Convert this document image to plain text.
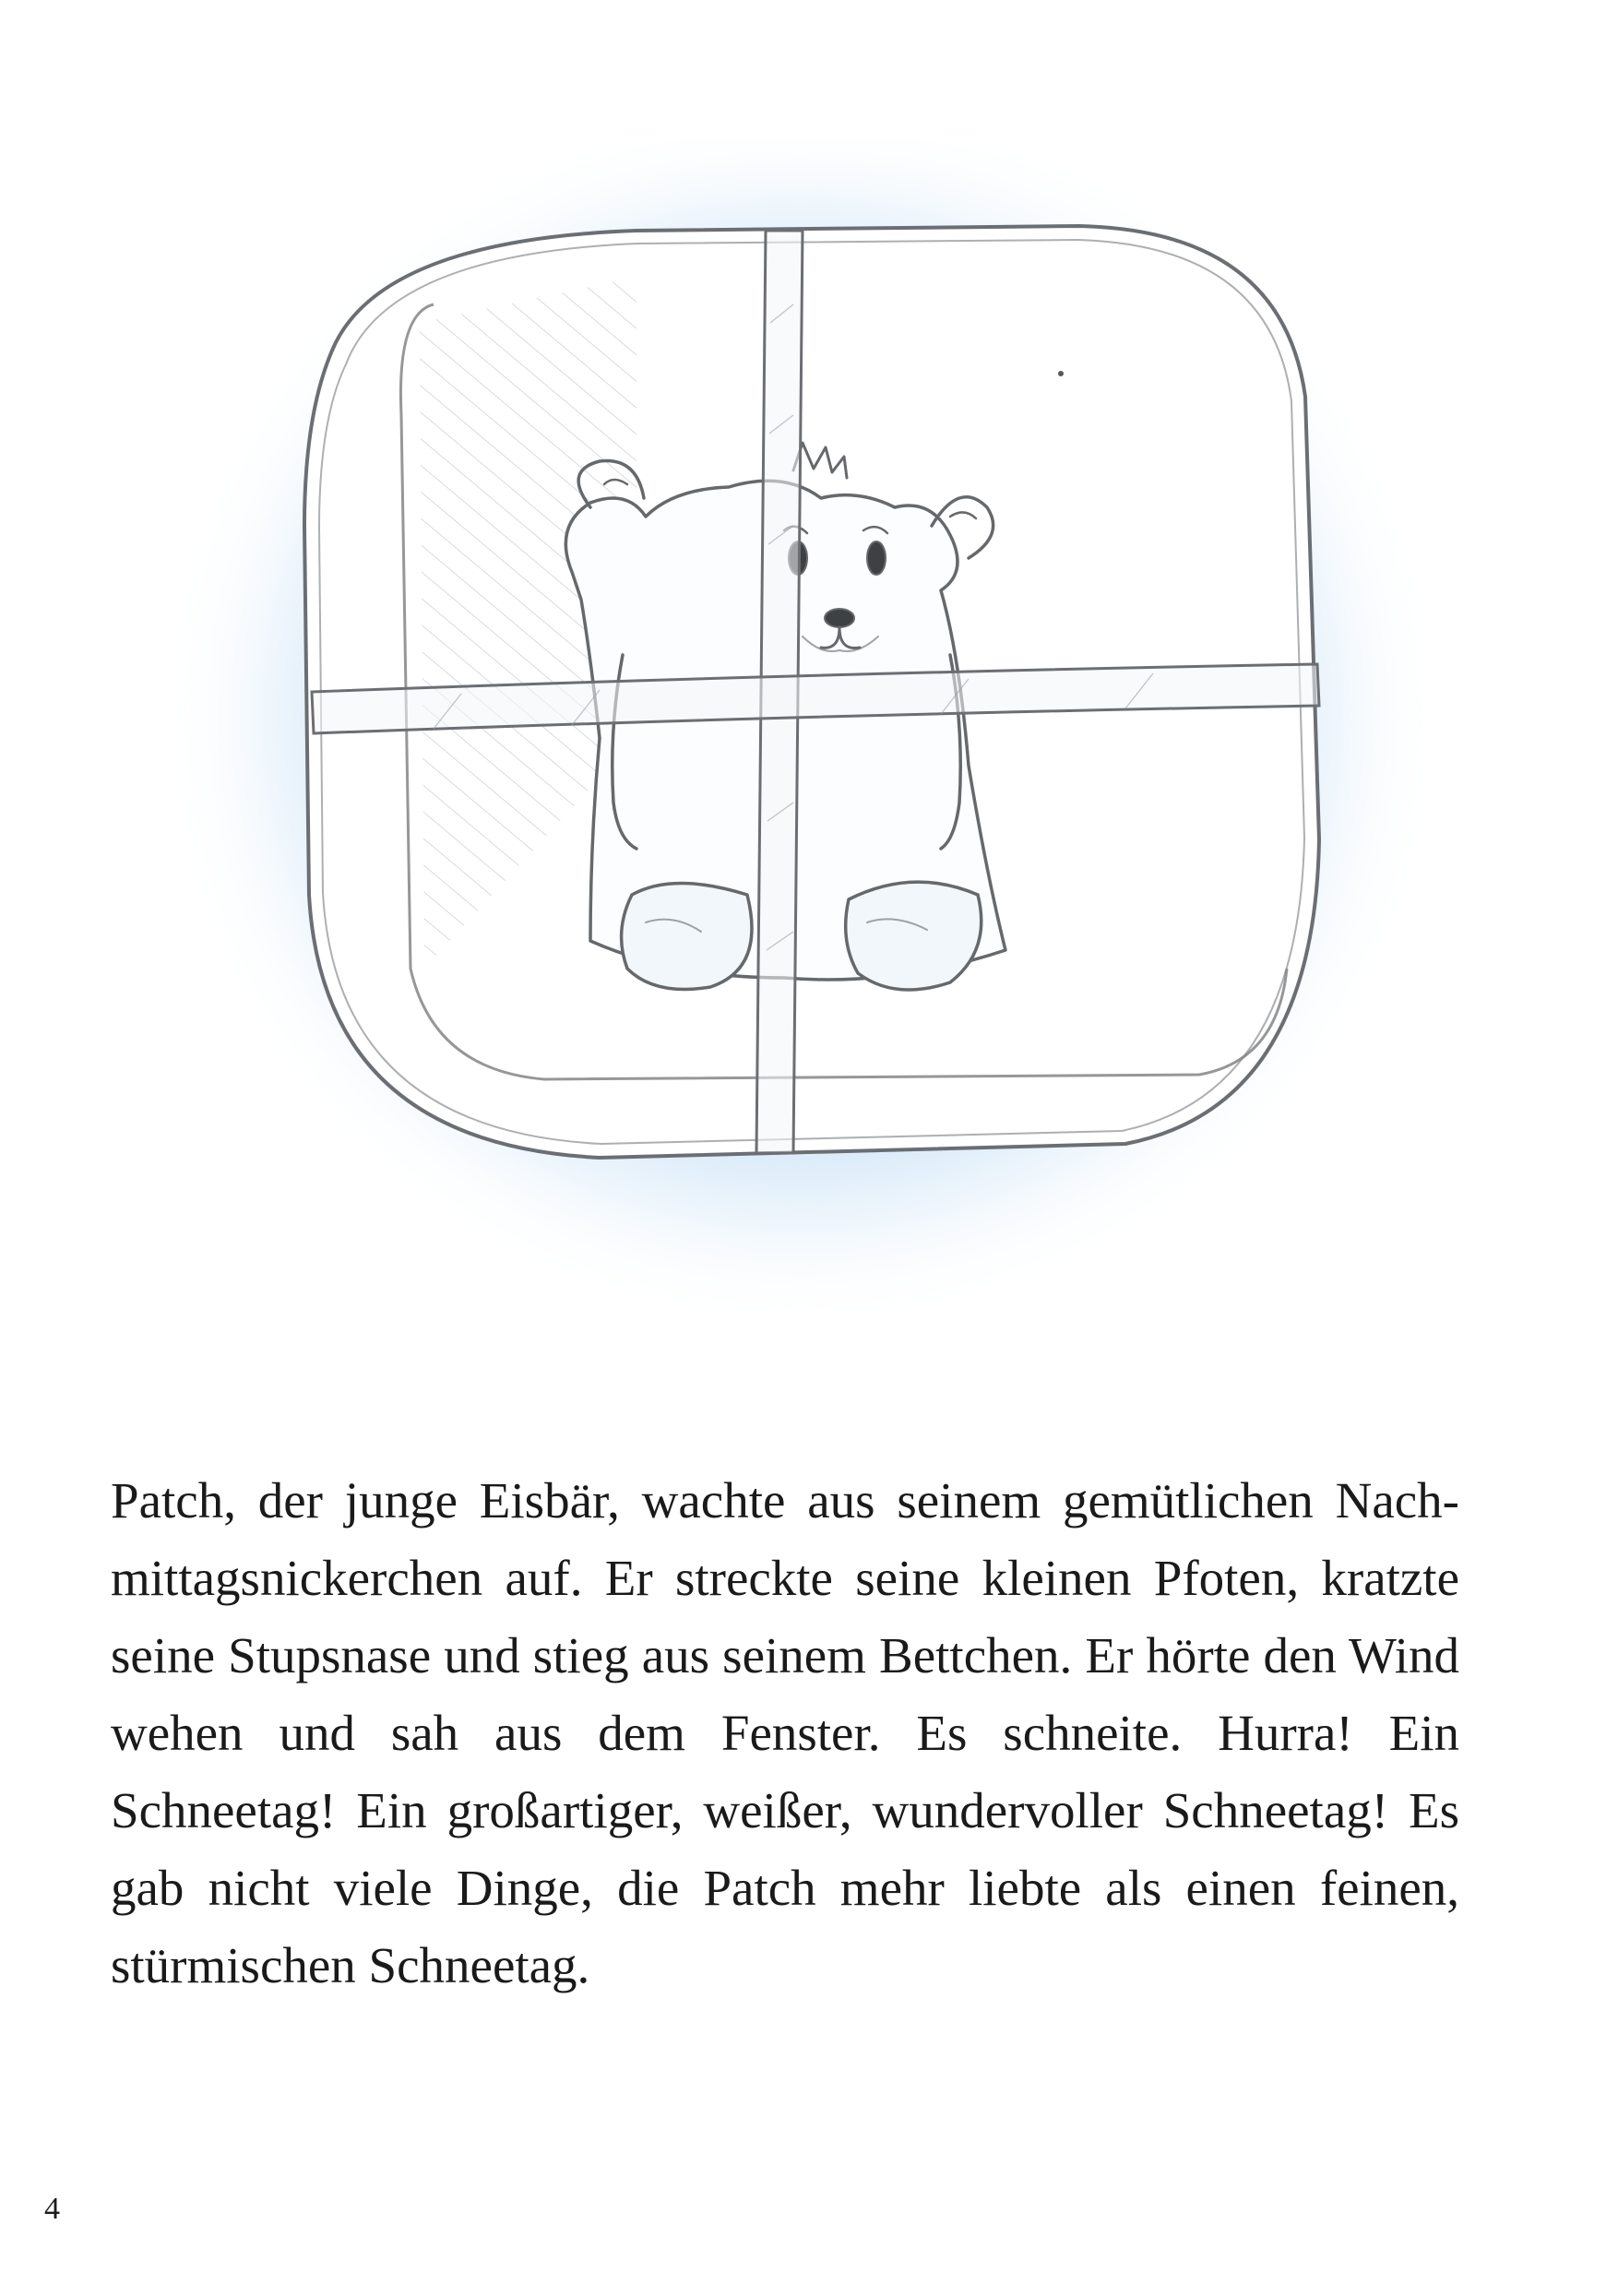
Patch, der junge Eisbär, wachte aus seinem gemütlichen Nachmittagsnickerchen auf. Er streckte seine kleinen Pfoten, kratzte seine Stupsnase und stieg aus seinem Bettchen. Er hörte den Wind wehen und sah aus dem Fenster. Es schneite. Hurra! Ein Schneetag! Ein großartiger, weißer, wundervoller Schneetag! Es gab nicht viele Dinge, die Patch mehr liebte als einen feinen, stürmischen Schneetag.

4
